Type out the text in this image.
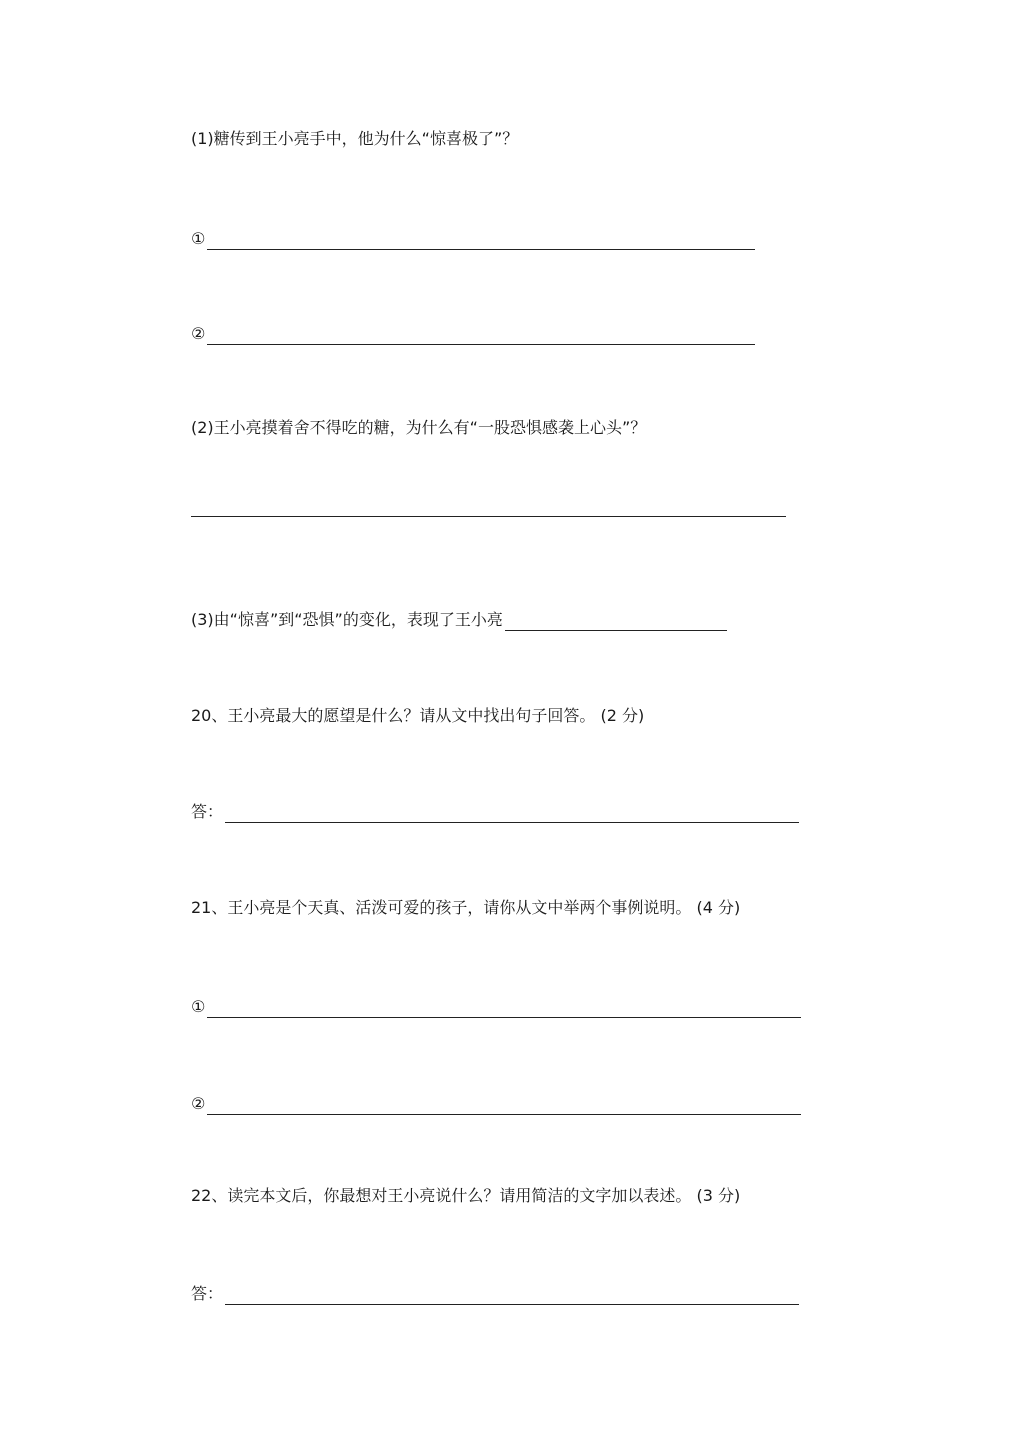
(1)糖传到王小亮手中，他为什么“惊喜极了”？
①
②
(2)王小亮摸着舍不得吃的糖，为什么有“一股恐惧感袭上心头”？
(3)由“惊喜”到“恐惧”的变化，表现了王小亮
20、王小亮最大的愿望是什么？请从文中找出句子回答。 (2 分)
答：
21、王小亮是个天真、活泼可爱的孩子，请你从文中举两个事例说明。 (4 分)
①
②
22、读完本文后，你最想对王小亮说什么？请用简洁的文字加以表述。 (3 分)
答：
